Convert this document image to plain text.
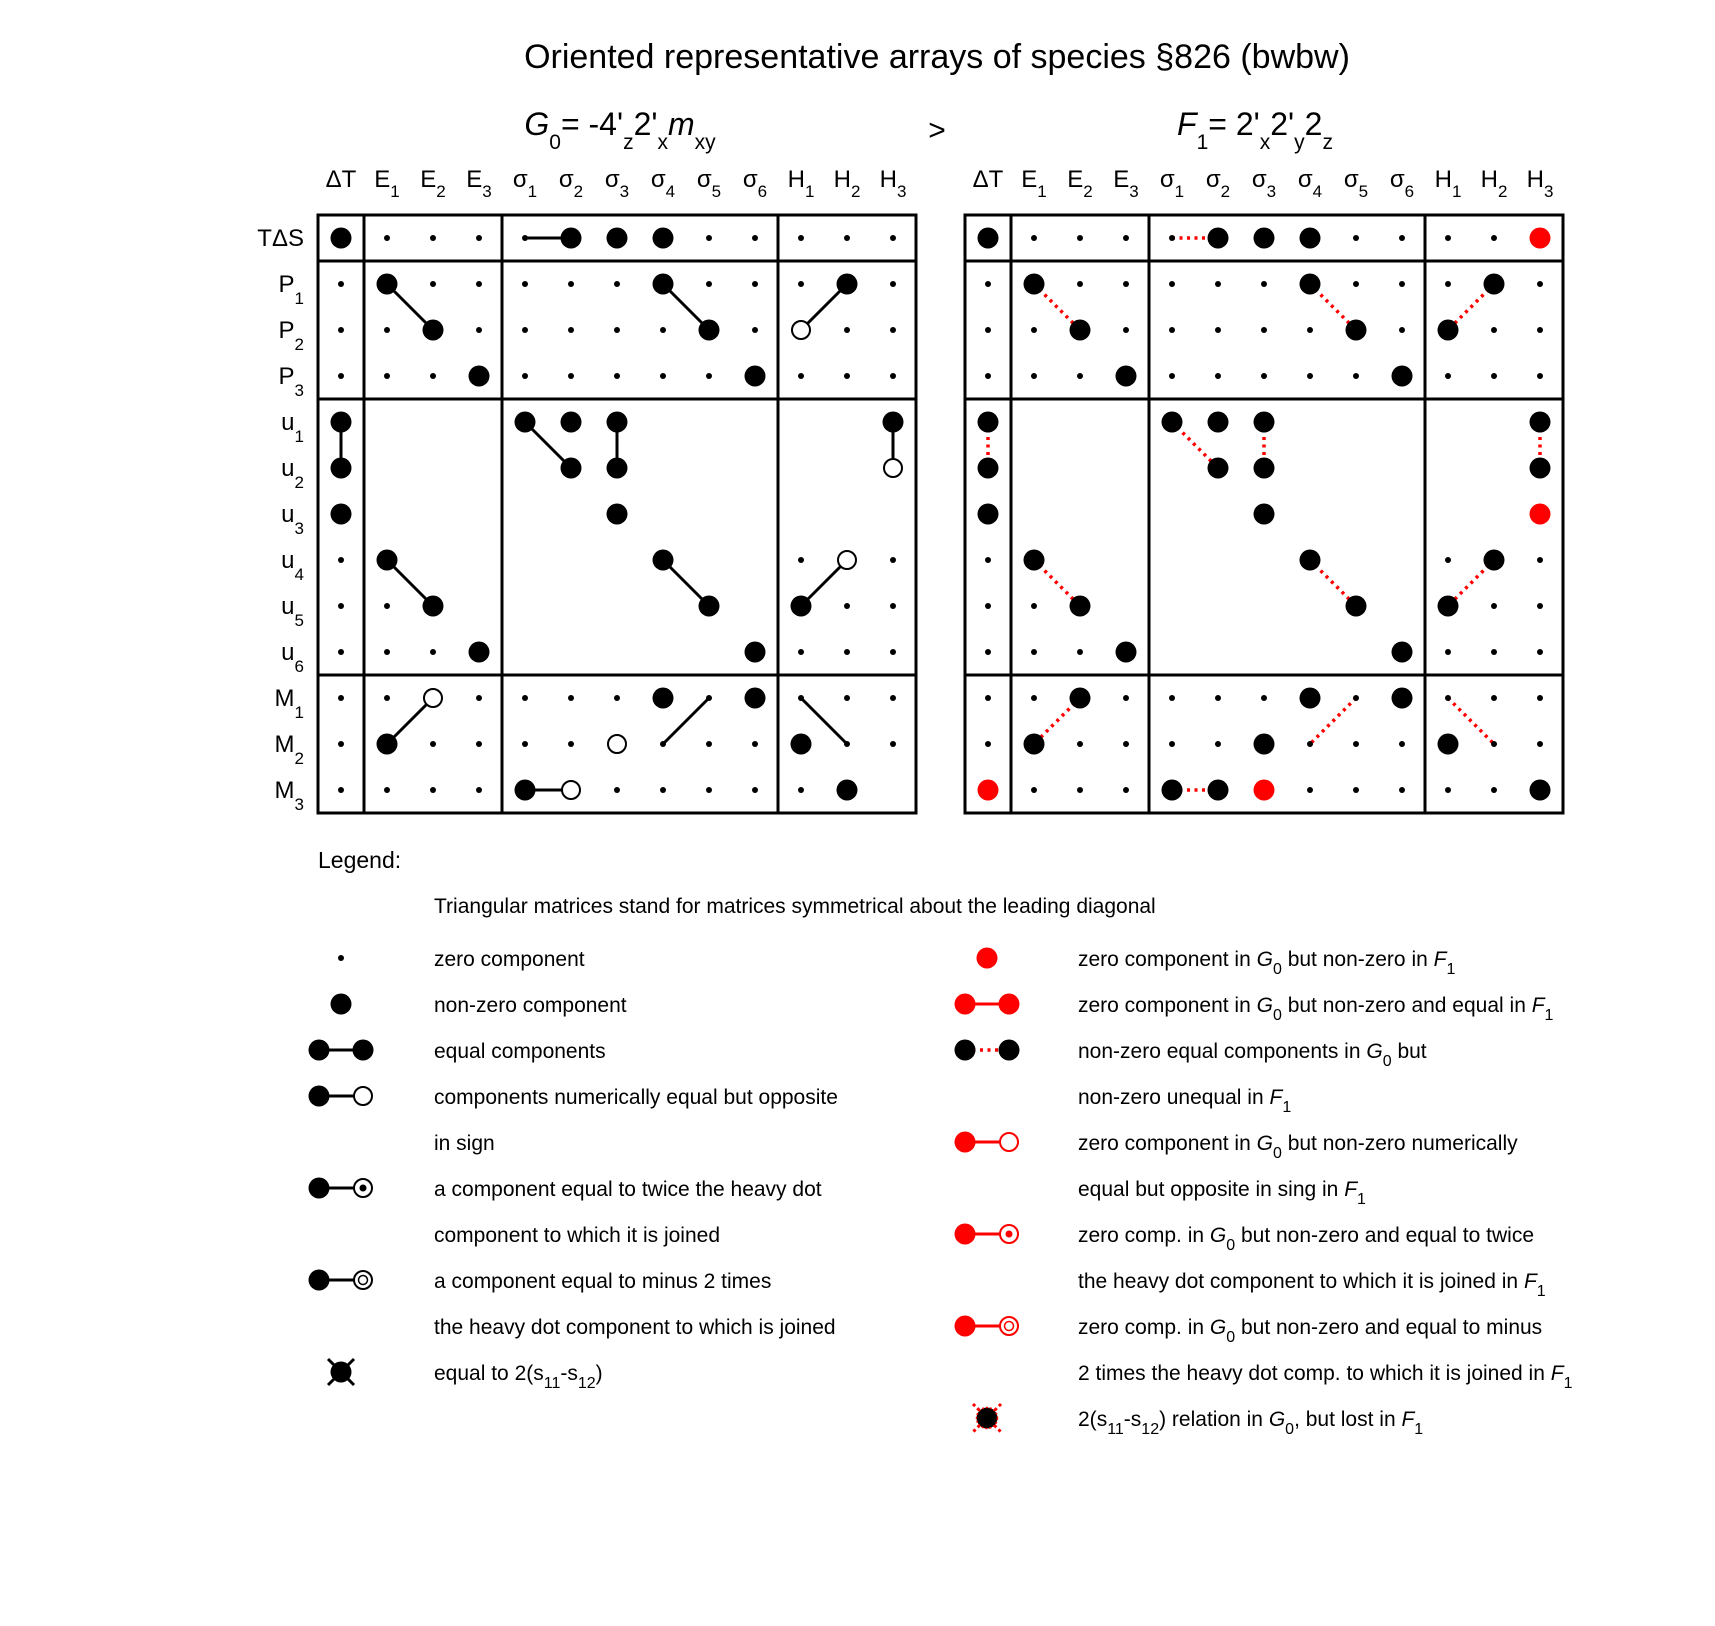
Oriented representative arrays of species §826 (bwbw)
$G_0= -4'_z2'_xm_{xy}$	>	$F_1= 2'_x2'_y2_z$
ΔT $E_1$ $E_2$ $E_3$ $\sigma_1$ $\sigma_2$ $\sigma_3$ $\sigma_4$ $\sigma_5$ $\sigma_6$ $H_1$ $H_2$ $H_3$
TΔS
$P_1$
$P_2$
$P_3$
$u_1$
$u_2$
$u_3$
$u_4$
$u_5$
$u_6$
$M_1$
$M_2$
$M_3$
ΔT $E_1$ $E_2$ $E_3$ $\sigma_1$ $\sigma_2$ $\sigma_3$ $\sigma_4$ $\sigma_5$ $\sigma_6$ $H_1$ $H_2$ $H_3$
Legend:
Triangular matrices stand for matrices symmetrical about the leading diagonal
zero component
non-zero component
equal components
components numerically equal but opposite
in sign
a component equal to twice the heavy dot
component to which it is joined
a component equal to minus 2 times
the heavy dot component to which is joined
equal to $2(s_{11}-s_{12})$
zero component in $G_0$ but non-zero in $F_1$
zero component in $G_0$ but non-zero and equal in $F_1$
non-zero equal components in $G_0$ but
non-zero unequal in $F_1$
zero component in $G_0$ but non-zero numerically
equal but opposite in sing in $F_1$
zero comp. in $G_0$ but non-zero and equal to twice
the heavy dot component to which it is joined in $F_1$
zero comp. in $G_0$ but non-zero and equal to minus
2 times the heavy dot comp. to which it is joined in $F_1$
$2(s_{11}-s_{12})$ relation in $G_0$, but lost in $F_1$
